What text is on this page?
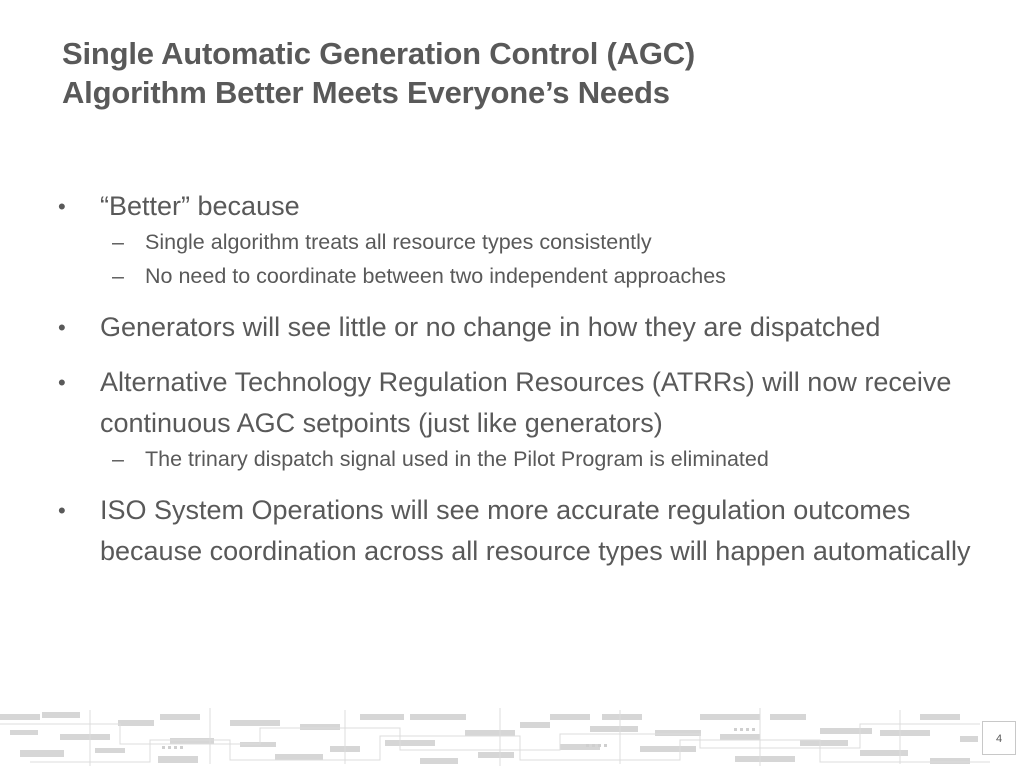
Single Automatic Generation Control (AGC)
Algorithm Better Meets Everyone’s Needs
•	“Better” because
– Single algorithm treats all resource types consistently
– No need to coordinate between two independent approaches
•	Generators will see little or no change in how they are dispatched
•	Alternative Technology Regulation Resources (ATRRs) will now receive continuous AGC setpoints (just like generators)
– The trinary dispatch signal used in the Pilot Program is eliminated
•	ISO System Operations will see more accurate regulation outcomes because coordination across all resource types will happen automatically
4
